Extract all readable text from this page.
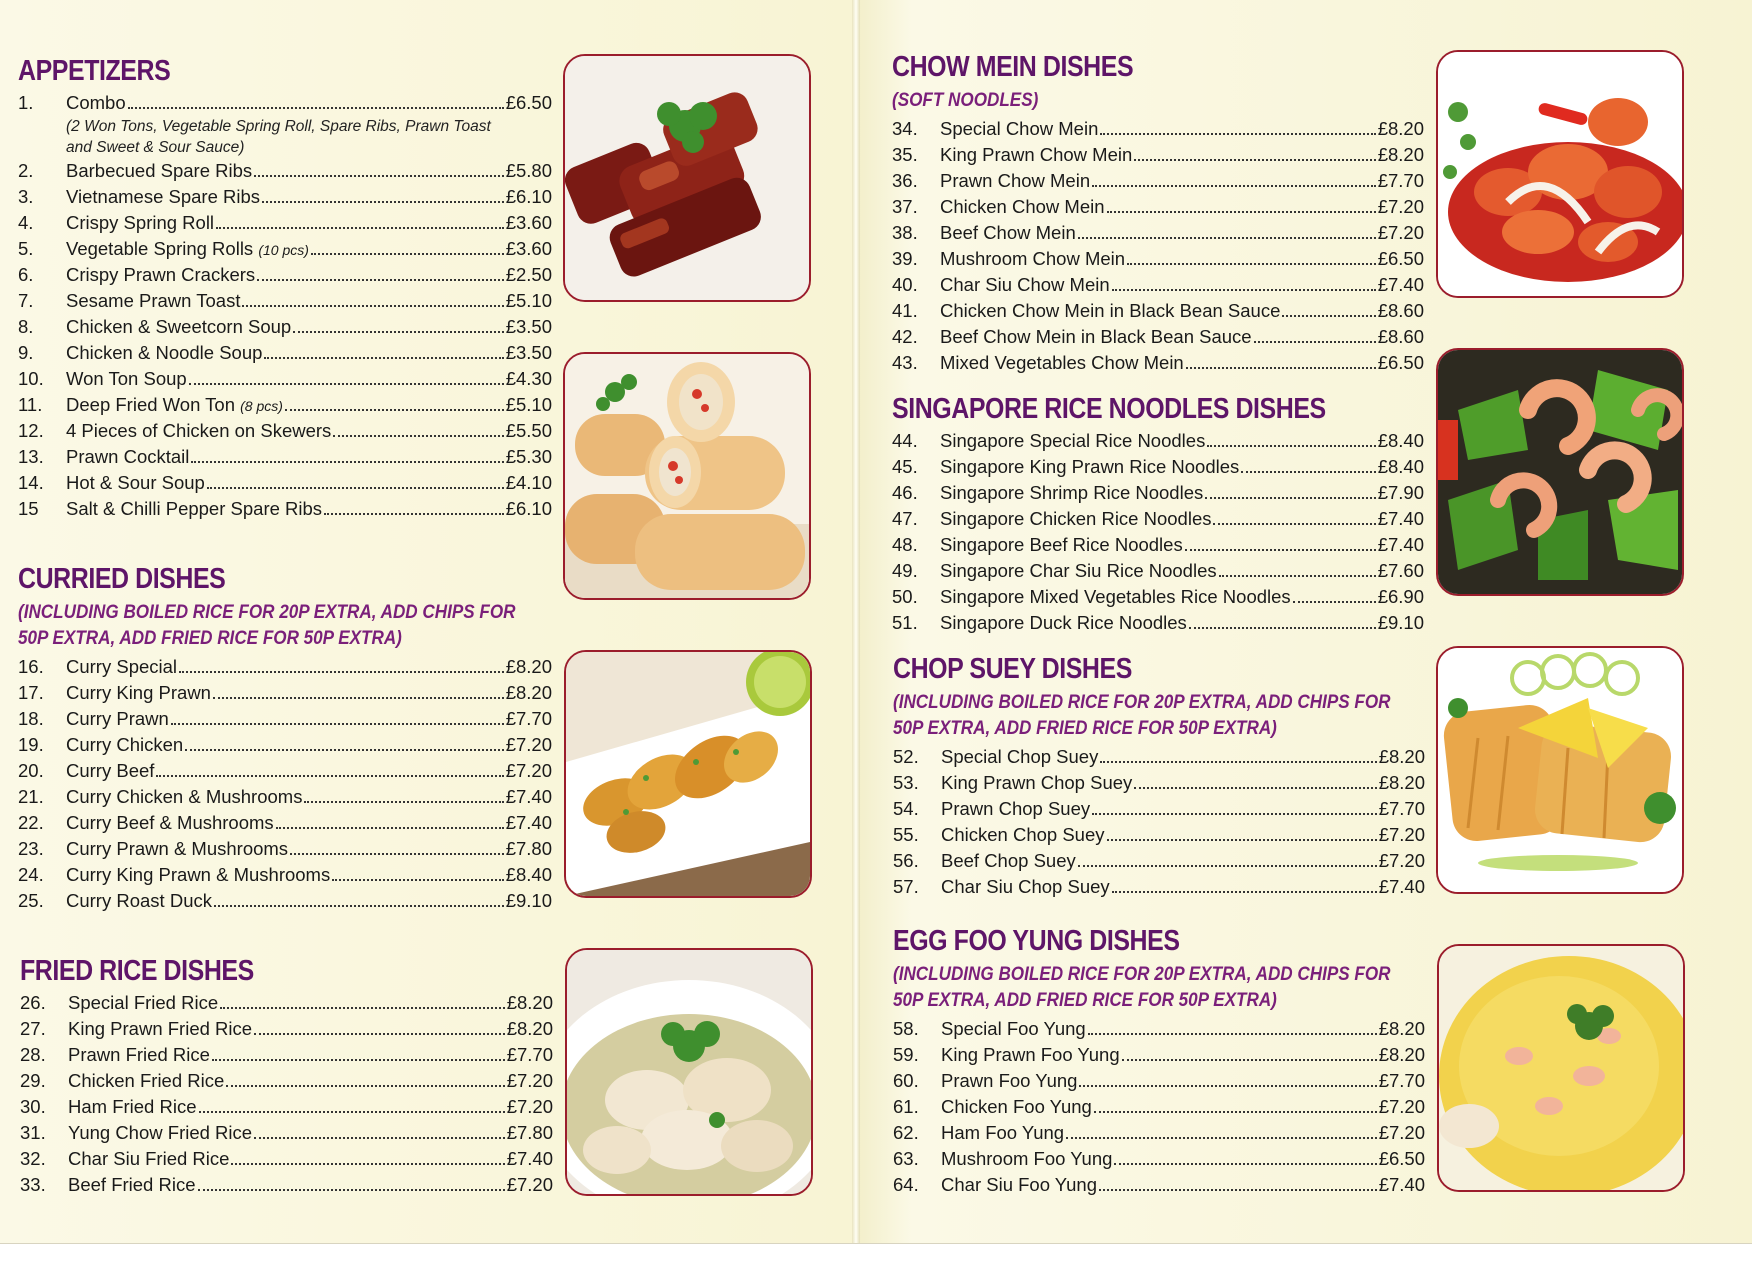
APPETIZERS
1.	Combo	£6.50
(2 Won Tons, Vegetable Spring Roll, Spare Ribs, Prawn Toast and Sweet & Sour Sauce)
2.	Barbecued Spare Ribs	£5.80
3.	Vietnamese Spare Ribs	£6.10
4.	Crispy Spring Roll	£3.60
5.	Vegetable Spring Rolls (10 pcs)	£3.60
6.	Crispy Prawn Crackers	£2.50
7.	Sesame Prawn Toast	£5.10
8.	Chicken & Sweetcorn Soup	£3.50
9.	Chicken & Noodle Soup	£3.50
10.	Won Ton Soup	£4.30
11.	Deep Fried Won Ton (8 pcs)	£5.10
12.	4 Pieces of Chicken on Skewers	£5.50
13.	Prawn Cocktail	£5.30
14.	Hot & Sour Soup	£4.10
15	Salt & Chilli Pepper Spare Ribs	£6.10
CURRIED DISHES
(INCLUDING BOILED RICE FOR 20P EXTRA, ADD CHIPS FOR 50P EXTRA, ADD FRIED RICE FOR 50P EXTRA)
16.	Curry Special	£8.20
17.	Curry King Prawn	£8.20
18.	Curry Prawn	£7.70
19.	Curry Chicken	£7.20
20.	Curry Beef	£7.20
21.	Curry Chicken & Mushrooms	£7.40
22.	Curry Beef & Mushrooms	£7.40
23.	Curry Prawn & Mushrooms	£7.80
24.	Curry King Prawn & Mushrooms	£8.40
25.	Curry Roast Duck	£9.10
FRIED RICE DISHES
26.	Special Fried Rice	£8.20
27.	King Prawn Fried Rice	£8.20
28.	Prawn Fried Rice	£7.70
29.	Chicken Fried Rice	£7.20
30.	Ham Fried Rice	£7.20
31.	Yung Chow Fried Rice	£7.80
32.	Char Siu Fried Rice	£7.40
33.	Beef Fried Rice	£7.20
CHOW MEIN DISHES
(SOFT NOODLES)
34.	Special Chow Mein	£8.20
35.	King Prawn Chow Mein	£8.20
36.	Prawn Chow Mein	£7.70
37.	Chicken Chow Mein	£7.20
38.	Beef Chow Mein	£7.20
39.	Mushroom Chow Mein	£6.50
40.	Char Siu Chow Mein	£7.40
41.	Chicken Chow Mein in Black Bean Sauce	£8.60
42.	Beef Chow Mein in Black Bean Sauce	£8.60
43.	Mixed Vegetables Chow Mein	£6.50
SINGAPORE RICE NOODLES DISHES
44.	Singapore Special Rice Noodles	£8.40
45.	Singapore King Prawn Rice Noodles	£8.40
46.	Singapore Shrimp Rice Noodles	£7.90
47.	Singapore Chicken Rice Noodles	£7.40
48.	Singapore Beef Rice Noodles	£7.40
49.	Singapore Char Siu Rice Noodles	£7.60
50.	Singapore Mixed Vegetables Rice Noodles	£6.90
51.	Singapore Duck Rice Noodles	£9.10
CHOP SUEY DISHES
(INCLUDING BOILED RICE FOR 20P EXTRA, ADD CHIPS FOR 50P EXTRA, ADD FRIED RICE FOR 50P EXTRA)
52.	Special Chop Suey	£8.20
53.	King Prawn Chop Suey	£8.20
54.	Prawn Chop Suey	£7.70
55.	Chicken Chop Suey	£7.20
56.	Beef Chop Suey	£7.20
57.	Char Siu Chop Suey	£7.40
EGG FOO YUNG DISHES
(INCLUDING BOILED RICE FOR 20P EXTRA, ADD CHIPS FOR 50P EXTRA, ADD FRIED RICE FOR 50P EXTRA)
58.	Special Foo Yung	£8.20
59.	King Prawn Foo Yung	£8.20
60.	Prawn Foo Yung	£7.70
61.	Chicken Foo Yung	£7.20
62.	Ham Foo Yung	£7.20
63.	Mushroom Foo Yung	£6.50
64.	Char Siu Foo Yung	£7.40
